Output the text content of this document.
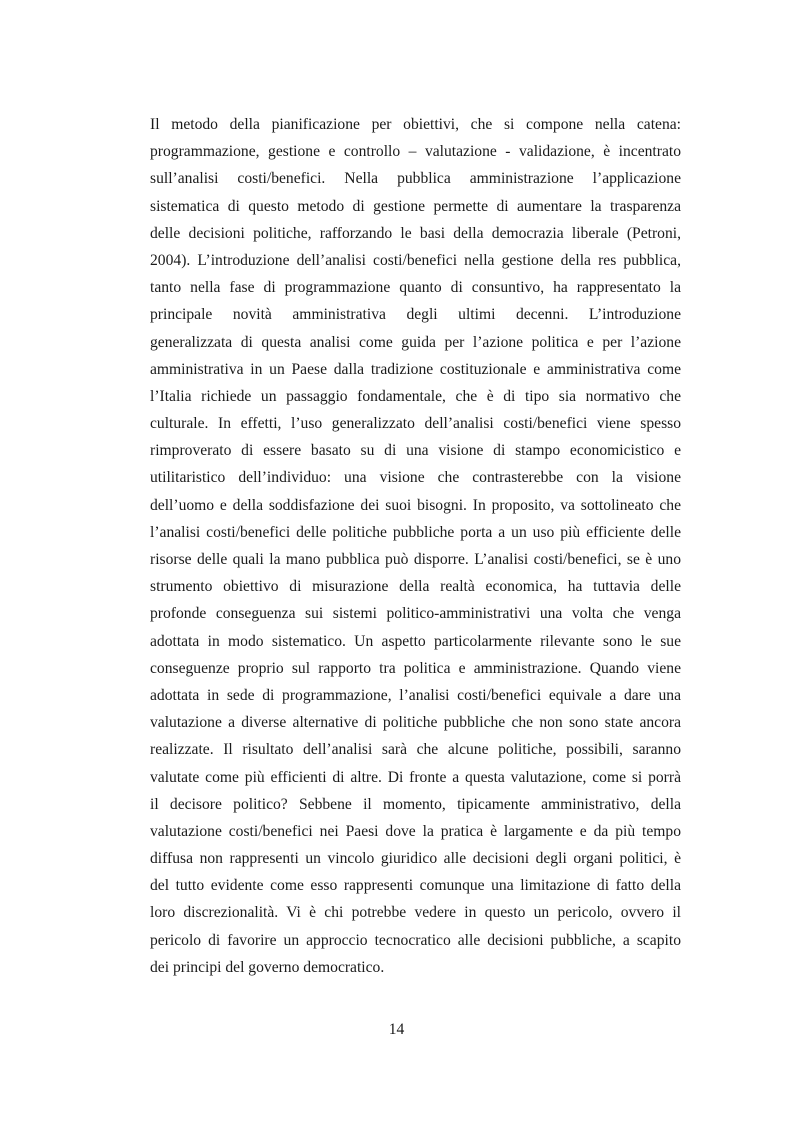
Il metodo della pianificazione per obiettivi, che si compone nella catena:
programmazione, gestione e controllo – valutazione - validazione, è incentrato
sull’analisi costi/benefici. Nella pubblica amministrazione l’applicazione
sistematica di questo metodo di gestione permette di aumentare la trasparenza
delle decisioni politiche, rafforzando le basi della democrazia liberale (Petroni,
2004). L’introduzione dell’analisi costi/benefici nella gestione della res pubblica,
tanto nella fase di programmazione quanto di consuntivo, ha rappresentato la
principale novità amministrativa degli ultimi decenni. L’introduzione
generalizzata di questa analisi come guida per l’azione politica e per l’azione
amministrativa in un Paese dalla tradizione costituzionale e amministrativa come
l’Italia richiede un passaggio fondamentale, che è di tipo sia normativo che
culturale. In effetti, l’uso generalizzato dell’analisi costi/benefici viene spesso
rimproverato di essere basato su di una visione di stampo economicistico e
utilitaristico dell’individuo: una visione che contrasterebbe con la visione
dell’uomo e della soddisfazione dei suoi bisogni. In proposito, va sottolineato che
l’analisi costi/benefici delle politiche pubbliche porta a un uso più efficiente delle
risorse delle quali la mano pubblica può disporre. L’analisi costi/benefici, se è uno
strumento obiettivo di misurazione della realtà economica, ha tuttavia delle
profonde conseguenza sui sistemi politico-amministrativi una volta che venga
adottata in modo sistematico. Un aspetto particolarmente rilevante sono le sue
conseguenze proprio sul rapporto tra politica e amministrazione. Quando viene
adottata in sede di programmazione, l’analisi costi/benefici equivale a dare una
valutazione a diverse alternative di politiche pubbliche che non sono state ancora
realizzate. Il risultato dell’analisi sarà che alcune politiche, possibili, saranno
valutate come più efficienti di altre. Di fronte a questa valutazione, come si porrà
il decisore politico? Sebbene il momento, tipicamente amministrativo, della
valutazione costi/benefici nei Paesi dove la pratica è largamente e da più tempo
diffusa non rappresenti un vincolo giuridico alle decisioni degli organi politici, è
del tutto evidente come esso rappresenti comunque una limitazione di fatto della
loro discrezionalità. Vi è chi potrebbe vedere in questo un pericolo, ovvero il
pericolo di favorire un approccio tecnocratico alle decisioni pubbliche, a scapito
dei principi del governo democratico.
14
